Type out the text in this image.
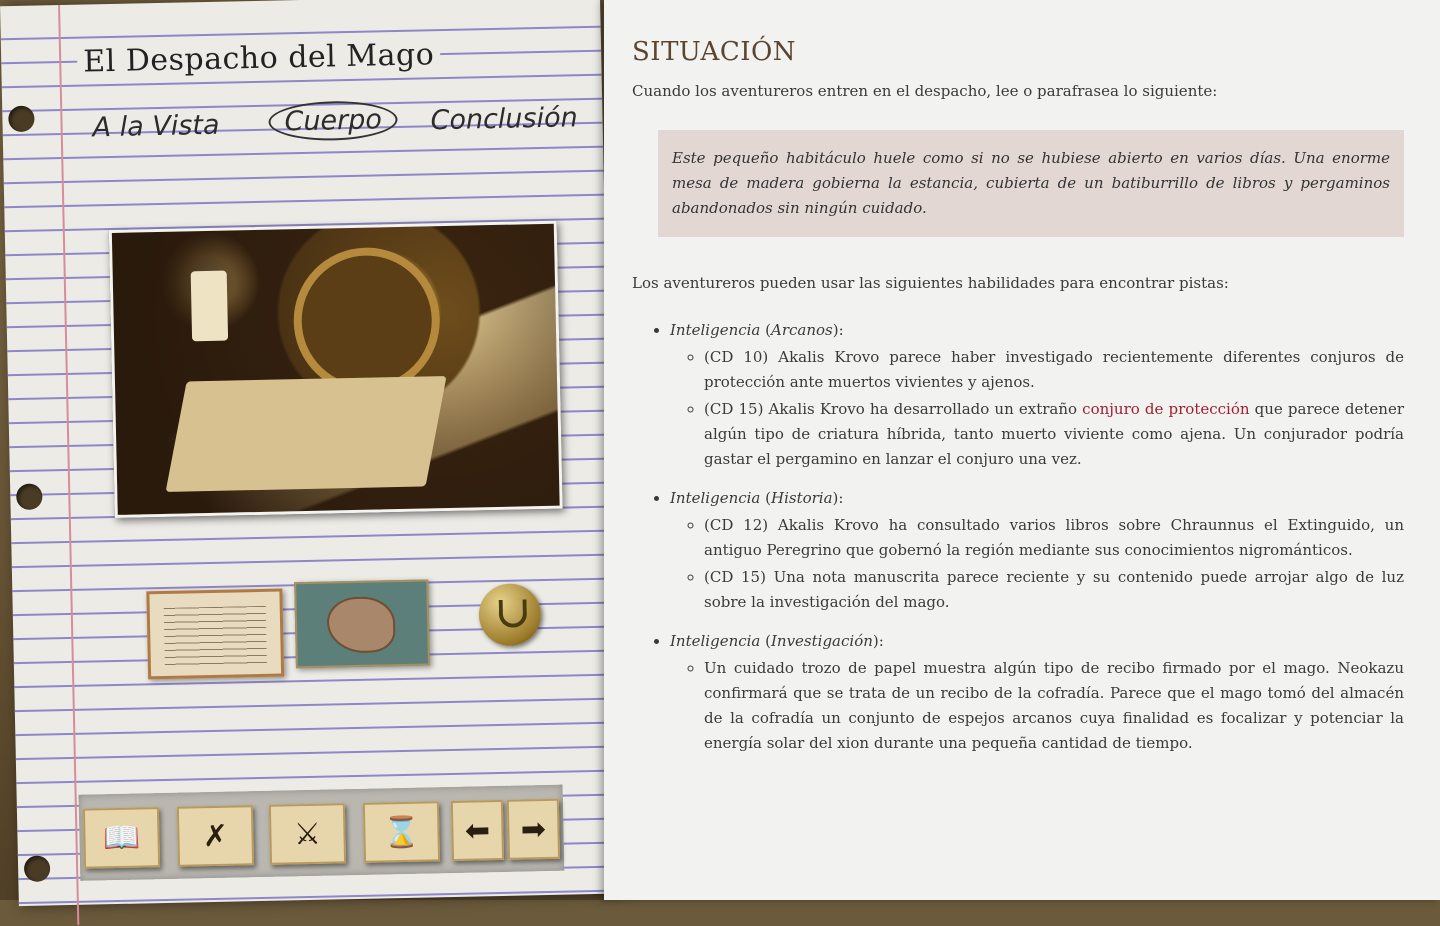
El Despacho del Mago
A la Vista	Cuerpo	Conclusión
📖	✗	⚔	⌛	⬅	➡
SITUACIÓN

Cuando los aventureros entren en el despacho, lee o parafrasea lo siguiente:

Este pequeño habitáculo huele como si no se hubiese abierto en varios días. Una enorme mesa de madera gobierna la estancia, cubierta de un batiburrillo de libros y pergaminos abandonados sin ningún cuidado.

Los aventureros pueden usar las siguientes habilidades para encontrar pistas:

• Inteligencia (Arcanos):
◦ (CD 10) Akalis Krovo parece haber investigado recientemente diferentes conjuros de protección ante muertos vivientes y ajenos.
◦ (CD 15) Akalis Krovo ha desarrollado un extraño conjuro de protección que parece detener algún tipo de criatura híbrida, tanto muerto viviente como ajena. Un conjurador podría gastar el pergamino en lanzar el conjuro una vez.
• Inteligencia (Historia):
◦ (CD 12) Akalis Krovo ha consultado varios libros sobre Chraunnus el Extinguido, un antiguo Peregrino que gobernó la región mediante sus conocimientos nigrománticos.
◦ (CD 15) Una nota manuscrita parece reciente y su contenido puede arrojar algo de luz sobre la investigación del mago.
• Inteligencia (Investigación):
◦ Un cuidado trozo de papel muestra algún tipo de recibo firmado por el mago. Neokazu confirmará que se trata de un recibo de la cofradía. Parece que el mago tomó del almacén de la cofradía un conjunto de espejos arcanos cuya finalidad es focalizar y potenciar la energía solar del xion durante una pequeña cantidad de tiempo.
